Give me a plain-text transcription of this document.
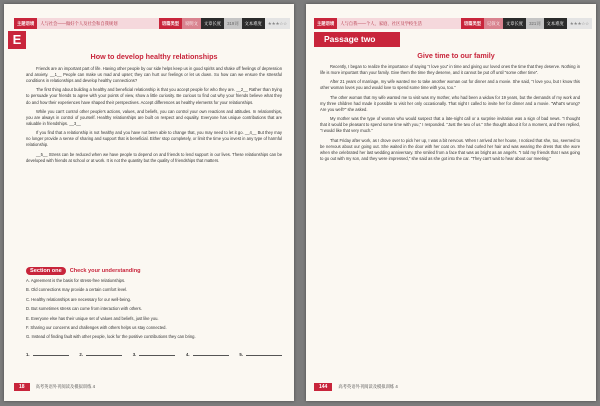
主题语境	人与社会——做好个人及社会和自我规划	语篇类型	说明文	文章长度	319词	文本难度	★★★☆☆
E
How to develop healthy relationships

Friends are an important part of life. Having other people by our side helps keep us in good spirits and shake off feelings of depression and anxiety. __1__ People can make us mad and upset; they can hurt our feelings or let us down. So how can we ensure the stressful conditions in relationships and develop healthy connections?

The first thing about building a healthy and beneficial relationship is that you accept people for who they are. __2__ Rather than trying to persuade your friends to agree with your points of view, show a little curiosity. Be curious to find out why your friends believe what they do and how their experiences have shaped their perspectives. Accept differences as healthy elements for your relationships.

While you can't control other people's actions, values, and beliefs, you can control your own reactions and attitudes. In relationships, you are always in control of yourself. Healthy relationships are built on respect and equality. Everyone has unique contributions that are valuable in friendships. __3__

If you find that a relationship is not healthy and you have not been able to change that, you may need to let it go. __4__ But they may no longer provide a sense of sharing and support that is beneficial. Either stop completely, or limit the time you invest in any type of harmful relationship.

__5__ Stress can be reduced when we have people to depend on and friends to lend support in our lives. These relationships can be developed with friends at school or at work. It is not the quantity but the quality of friendships that matters.

Section one	Check your understanding
A. Agreement is the basis for stress-free relationships.
B. Old connections may provide a certain comfort level.
C. Healthy relationships are necessary for our well-being.
D. But sometimes stress can come from interaction with others.
E. Everyone else has their unique set of values and beliefs, just like you.
F. Sharing our concerns and challenges with others helps us stay connected.
G. Instead of finding fault with other people, look for the positive contributions they can bring.
1.	2.	3.	4.	5.
18	高考英语外刊阅读及模拟训练 4
主题语境	人与自我——个人、家庭、社区及学校生活	语篇类型	记叙文	文章长度	321词	文本难度	★★★☆☆
Passage two
Give time to our family

Recently, I began to realize the importance of saying "I love you" in time and giving our loved ones the time that they deserve. Nothing in life is more important than your family. Give them the time they deserve, and it cannot be put off until "some other time".

After 21 years of marriage, my wife wanted me to take another woman out for dinner and a movie. She said, "I love you, but I know this other woman loves you and would love to spend some time with you, too."

The other woman that my wife wanted me to visit was my mother, who had been a widow for 19 years, but the demands of my work and my three children had made it possible to visit her only occasionally. That night I called to invite her for dinner and a movie. "What's wrong? Are you well?" she asked.

My mother was the type of woman who would suspect that a late-night call or a surprise invitation was a sign of bad news. "I thought that it would be pleasant to spend some time with you," I responded. "Just the two of us." She thought about it for a moment, and then replied, "I would like that very much."

That Friday after work, as I drove over to pick her up, I was a bit nervous. When I arrived at her house, I noticed that she, too, seemed to be nervous about our going out. She waited in the door with her coat on. She had curled her hair and was wearing the dress that she wore when she celebrated her last wedding anniversary. She smiled from a face that was as bright as an angel's. "I told my friends that I was going to go out with my son, and they were impressed," she said as she got into the car. "They can't wait to hear about our meeting."

144	高考英语外刊阅读及模拟训练 4
